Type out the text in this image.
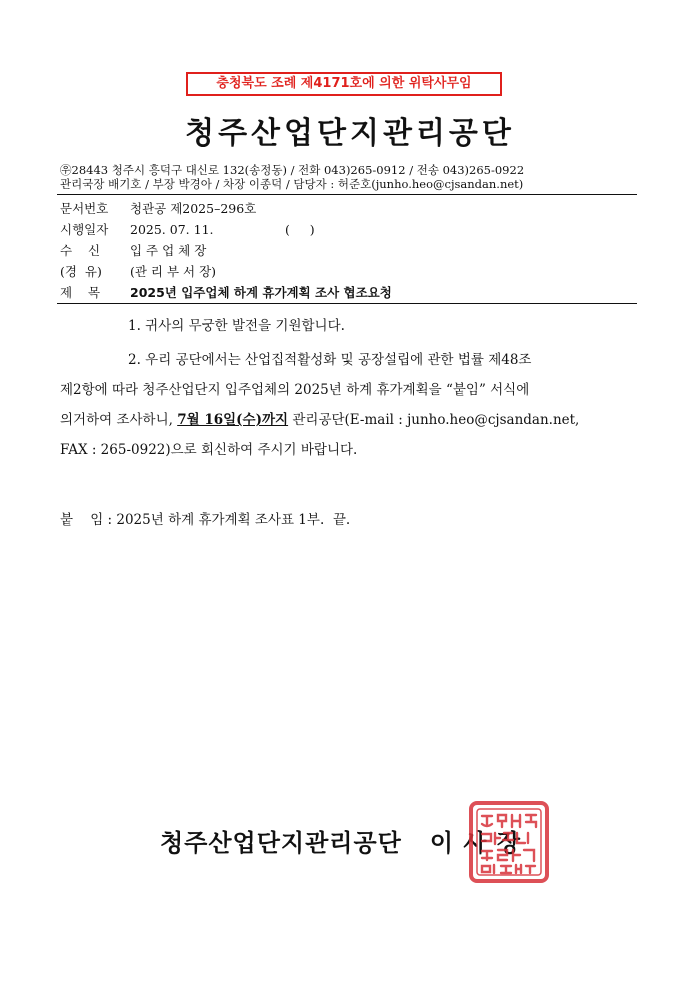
충청북도 조례 제4171호에 의한 위탁사무임
청주산업단지관리공단
㉾28443 청주시 흥덕구 대신로 132(송정동) / 전화 043)265-0912 / 전송 043)265-0922
관리국장 배기호 / 부장 박경아 / 차장 이종덕 / 담당자 : 허준호(junho.heo@cjsandan.net)
문서번호 청관공 제2025–296호
시행일자 2025. 07. 11.                  (     )
수    신 입 주 업 체 장
(경  유) (관 리 부 서 장)
제    목 2025년 입주업체 하계 휴가계획 조사 협조요청
1. 귀사의 무궁한 발전을 기원합니다.
2. 우리 공단에서는 산업집적활성화 및 공장설립에 관한 법률 제48조
제2항에 따라 청주산업단지 입주업체의 2025년 하계 휴가계획을 “붙임” 서식에
의거하여 조사하니, 7월 16일(수)까지 관리공단(E-mail : junho.heo@cjsandan.net,
FAX : 265-0922)으로 회신하여 주시기 바랍니다.
붙    임 : 2025년 하계 휴가계획 조사표 1부.  끝.
청주산업단지관리공단 이 사 장
